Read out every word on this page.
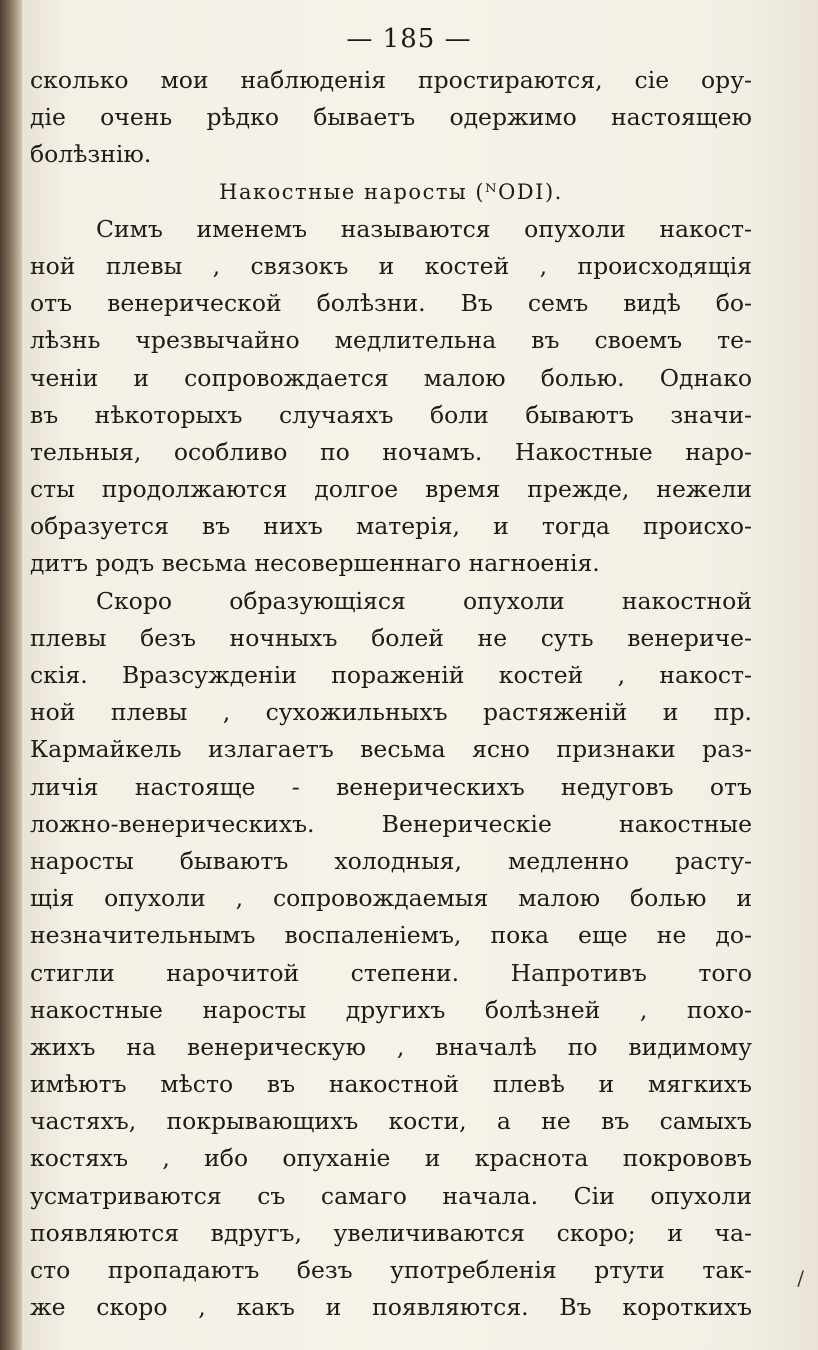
— 185 —
сколько мои наблюденія простираются, сіе ору-
діе очень рѣдко бываетъ одержимо настоящею
болѣзнію.
Накостные наросты (ᴺODI).
Симъ именемъ называются опухоли накост-
ной плевы , связокъ и костей , происходящія
отъ венерической болѣзни. Въ семъ видѣ бо-
лѣзнь чрезвычайно медлительна въ своемъ те-
ченіи и сопровождается малою болью. Однако
въ нѣкоторыхъ случаяхъ боли бываютъ значи-
тельныя, особливо по ночамъ. Накостные наро-
сты продолжаются долгое время прежде, нежели
образуется въ нихъ матерія, и тогда происхо-
дитъ родъ весьма несовершеннаго нагноенія.
Скоро образующіяся опухоли накостной
плевы безъ ночныхъ болей не суть венериче-
скія. Вразсужденіи пораженій костей , накост-
ной плевы , сухожильныхъ растяженій и пр.
Кармайкель излагаетъ весьма ясно признаки раз-
личія настояще - венерическихъ недуговъ отъ
ложно-венерическихъ. Венерическіе накостные
наросты бываютъ холодныя, медленно расту-
щія опухоли , сопровождаемыя малою болью и
незначительнымъ воспаленіемъ, пока еще не до-
стигли нарочитой степени. Напротивъ того
накостные наросты другихъ болѣзней , похо-
жихъ на венерическую , вначалѣ по видимому
имѣютъ мѣсто въ накостной плевѣ и мягкихъ
частяхъ, покрывающихъ кости, а не въ самыхъ
костяхъ , ибо опуханіе и краснота покрововъ
усматриваются съ самаго начала. Сіи опухоли
появляются вдругъ, увеличиваются скоро; и ча-
сто пропадаютъ безъ употребленія ртути так-
же скоро , какъ и появляются. Въ короткихъ
/
